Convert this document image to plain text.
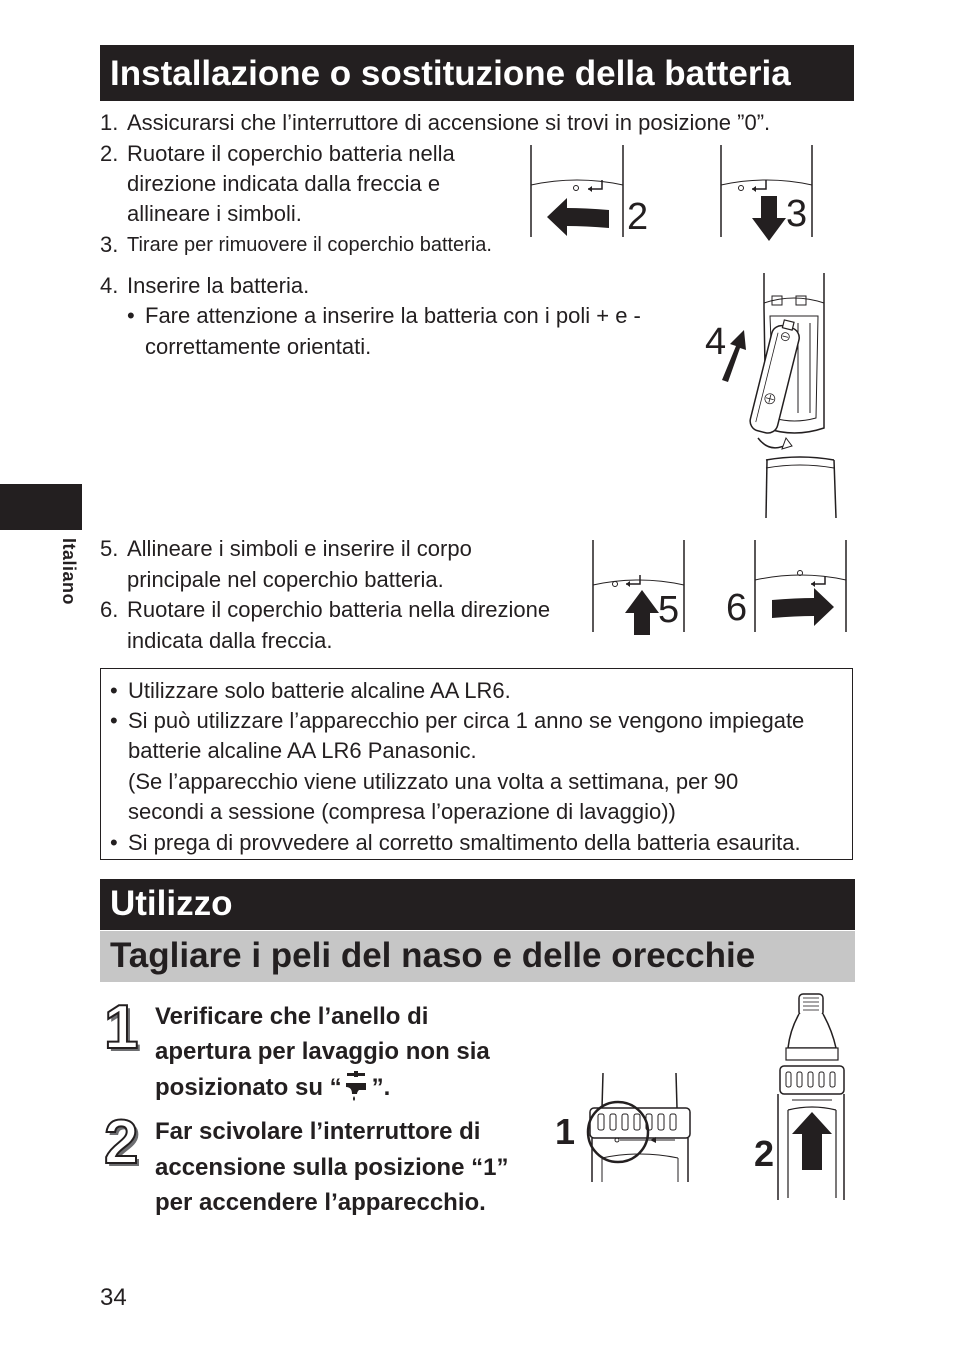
Italiano
Installazione o sostituzione della batteria
1. Assicurarsi che l’interruttore di accensione si trovi in posizione ”0”.
2. Ruotare il coperchio batteria nella
direzione indicata dalla freccia e
allineare i simboli.
3. Tirare per rimuovere il coperchio batteria.
4. Inserire la batteria.
• Fare attenzione a inserire la batteria con i poli + e -
correttamente orientati.
5. Allineare i simboli e inserire il corpo
principale nel coperchio batteria.
6. Ruotare il coperchio batteria nella direzione
indicata dalla freccia.
2	3
4
5 6
• Utilizzare solo batterie alcaline AA LR6.
• Si può utilizzare l’apparecchio per circa 1 anno se vengono impiegate
batterie alcaline AA LR6 Panasonic.
(Se l’apparecchio viene utilizzato una volta a settimana, per 90
secondi a sessione (compresa l’operazione di lavaggio))
• Si prega di provvedere al corretto smaltimento della batteria esaurita.
Utilizzo
Tagliare i peli del naso e delle orecchie
1 Verificare che l’anello di
apertura per lavaggio non sia
posizionato su “ ”.
2 Far scivolare l’interruttore di
accensione sulla posizione “1”
per accendere l’apparecchio.
1
2
34
